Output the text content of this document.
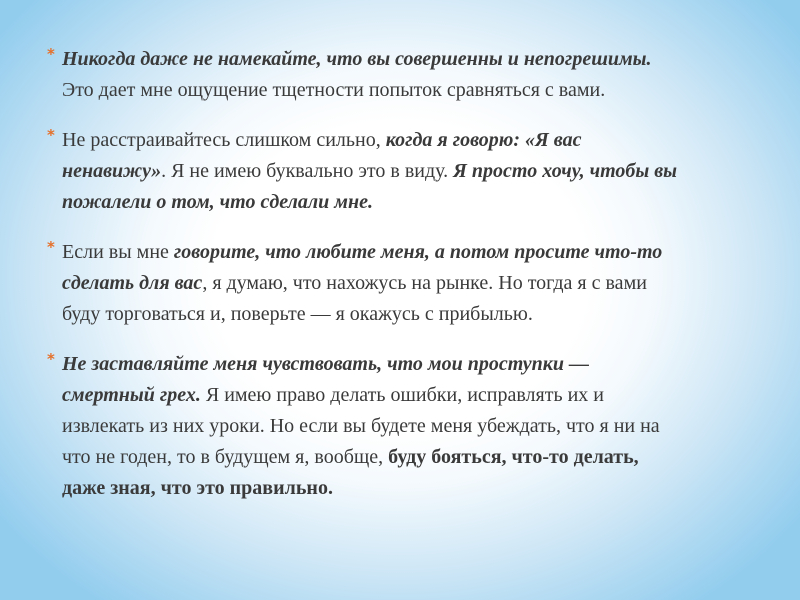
* Никогда даже не намекайте, что вы совершенны и непогрешимы.
Это дает мне ощущение тщетности попыток сравняться с вами.
* Не расстраивайтесь слишком сильно, когда я говорю: «Я вас
ненавижу». Я не имею буквально это в виду. Я просто хочу, чтобы вы
пожалели о том, что сделали мне.
* Если вы мне говорите, что любите меня, а потом просите что-то
сделать для вас, я думаю, что нахожусь на рынке. Но тогда я с вами
буду торговаться и, поверьте — я окажусь с прибылью.
* Не заставляйте меня чувствовать, что мои проступки —
смертный грех. Я имею право делать ошибки, исправлять их и
извлекать из них уроки. Но если вы будете меня убеждать, что я ни на
что не годен, то в будущем я, вообще, буду бояться, что-то делать,
даже зная, что это правильно.
